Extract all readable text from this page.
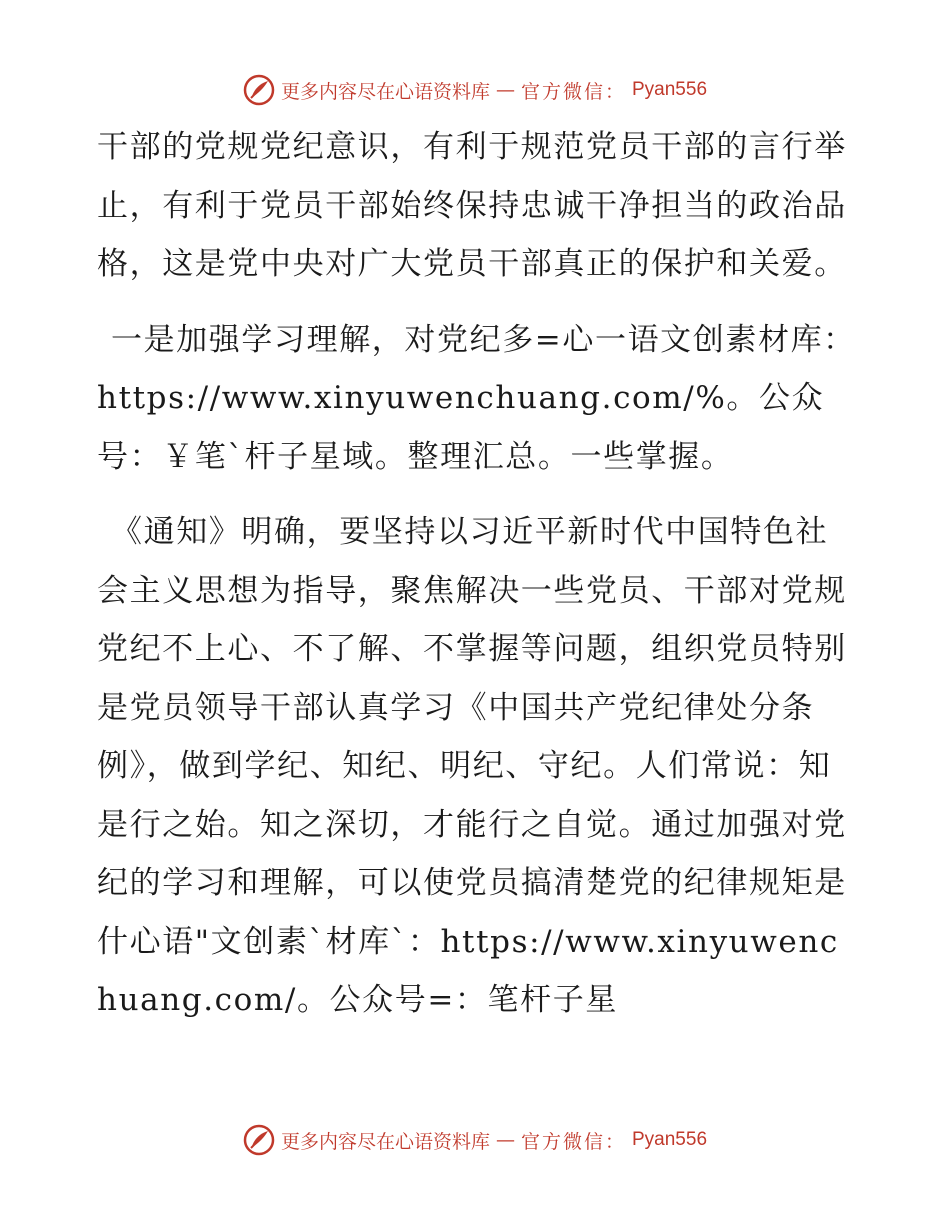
更多内容尽在心语资料库 — 官方微信： Pyan556

干部的党规党纪意识，有利于规范党员干部的言行举止，有利于党员干部始终保持忠诚干净担当的政治品格，这是党中央对广大党员干部真正的保护和关爱。

一是加强学习理解，对党纪多=心一语文创素材库：https://www.xinyuwenchuang.com/%。公众号：￥笔`杆子星域。整理汇总。一些掌握。

《通知》明确，要坚持以习近平新时代中国特色社会主义思想为指导，聚焦解决一些党员、干部对党规党纪不上心、不了解、不掌握等问题，组织党员特别是党员领导干部认真学习《中国共产党纪律处分条例》，做到学纪、知纪、明纪、守纪。人们常说：知是行之始。知之深切，才能行之自觉。通过加强对党纪的学习和理解，可以使党员搞清楚党的纪律规矩是什心语"文创素`材库`：https://www.xinyuwenchuang.com/。公众号=：笔杆子星

更多内容尽在心语资料库 — 官方微信： Pyan556
